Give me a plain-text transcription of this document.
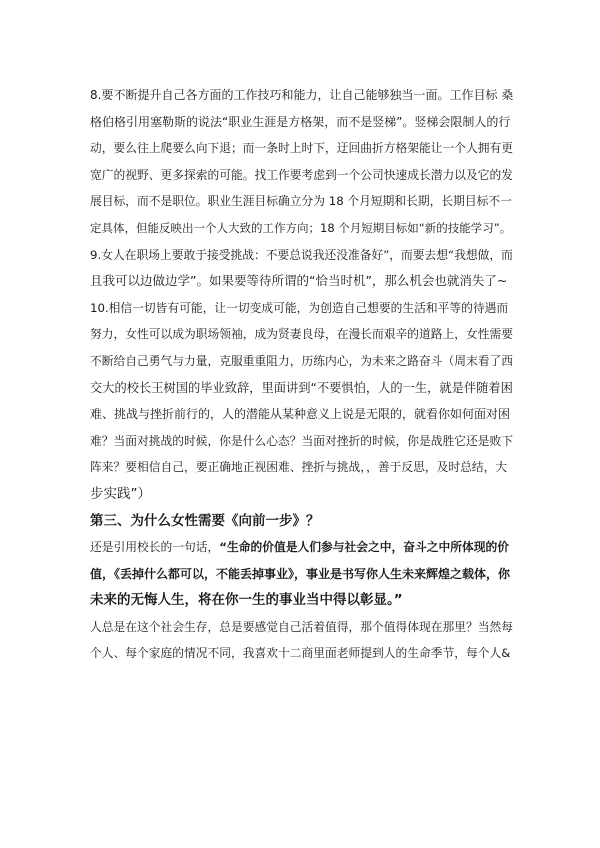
8.要不断提升自己各方面的工作技巧和能力，让自己能够独当一面。工作目标 桑
格伯格引用塞勒斯的说法“职业生涯是方格架，而不是竖梯”。竖梯会限制人的行
动，要么往上爬要么向下退；而一条时上时下，迂回曲折方格架能让一个人拥有更
宽广的视野、更多探索的可能。找工作要考虑到一个公司快速成长潜力以及它的发
展目标，而不是职位。职业生涯目标确立分为 18 个月短期和长期，长期目标不一
定具体，但能反映出一个人大致的工作方向；18 个月短期目标如“新的技能学习”。
9.女人在职场上要敢于接受挑战：不要总说我还没准备好”，而要去想“我想做，而
且我可以边做边学”。如果要等待所谓的“恰当时机”，那么机会也就消失了~
10.相信一切皆有可能，让一切变成可能，为创造自己想要的生活和平等的待遇而
努力，女性可以成为职场领袖，成为贤妻良母，在漫长而艰辛的道路上，女性需要
不断给自己勇气与力量，克服重重阻力，历练内心，为未来之路奋斗（周末看了西
交大的校长王树国的毕业致辞，里面讲到“不要惧怕，人的一生，就是伴随着困
难、挑战与挫折前行的，人的潜能从某种意义上说是无限的，就看你如何面对困
难？当面对挑战的时候，你是什么心态？当面对挫折的时候，你是战胜它还是败下
阵来？要相信自己，要正确地正视困难、挫折与挑战，，善于反思，及时总结，大
步实践”）
第三、为什么女性需要《向前一步》？
还是引用校长的一句话，“生命的价值是人们参与社会之中，奋斗之中所体现的价
值，《丢掉什么都可以，不能丢掉事业》，事业是书写你人生未来辉煌之载体，你
未来的无悔人生，将在你一生的事业当中得以彰显。”
人总是在这个社会生存，总是要感觉自己活着值得，那个值得体现在那里？当然每
个人、每个家庭的情况不同，我喜欢十二商里面老师提到人的生命季节，每个人&
